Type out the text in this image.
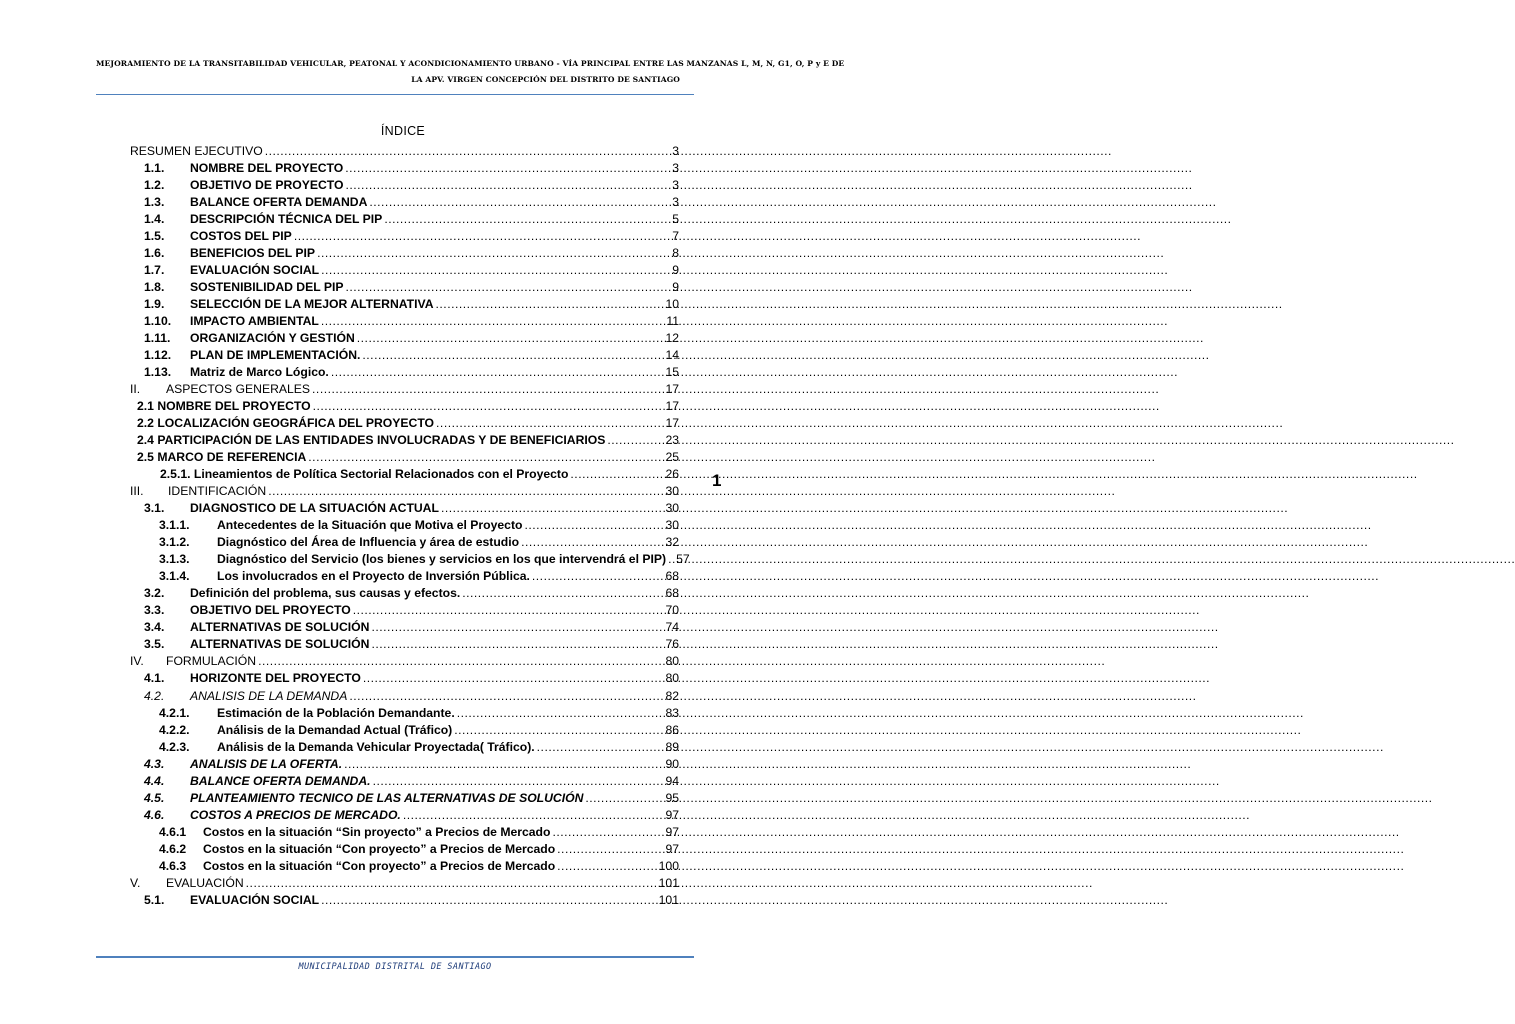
MEJORAMIENTO DE LA TRANSITABILIDAD VEHICULAR, PEATONAL Y ACONDICIONAMIENTO URBANO - VÍA PRINCIPAL ENTRE LAS MANZANAS L, M, N, G1, O, P y E DE
LA APV. VIRGEN CONCEPCIÓN DEL DISTRITO DE SANTIAGO
ÍNDICE
RESUMEN EJECUTIVO .....	3
1.1.	NOMBRE DEL PROYECTO .....	3
1.2.	OBJETIVO DE PROYECTO .....	3
1.3.	BALANCE OFERTA DEMANDA .....	3
1.4.	DESCRIPCIÓN TÉCNICA DEL PIP .....	5
1.5.	COSTOS DEL PIP .....	7
1.6.	BENEFICIOS DEL PIP .....	8
1.7.	EVALUACIÓN SOCIAL .....	9
1.8.	SOSTENIBILIDAD DEL PIP .....	9
1.9.	SELECCIÓN DE LA MEJOR ALTERNATIVA .....	10
1.10.	IMPACTO AMBIENTAL .....	11
1.11.	ORGANIZACIÓN Y GESTIÓN .....	12
1.12.	PLAN DE IMPLEMENTACIÓN. .....	14
1.13.	Matriz de Marco Lógico. .....	15
II.	ASPECTOS GENERALES .....	17
2.1 NOMBRE DEL PROYECTO .....	17
2.2 LOCALIZACIÓN GEOGRÁFICA DEL PROYECTO .....	17
2.4 PARTICIPACIÓN DE LAS ENTIDADES INVOLUCRADAS Y DE BENEFICIARIOS .....	23
2.5 MARCO DE REFERENCIA .....	25
2.5.1. Lineamientos de Política Sectorial Relacionados con el Proyecto .....	26
III.	IDENTIFICACIÓN .....	30
3.1.	DIAGNOSTICO DE LA SITUACIÓN ACTUAL .....	30
3.1.1.	Antecedentes de la Situación que Motiva el Proyecto .....	30
3.1.2.	Diagnóstico del Área de Influencia y área de estudio .....	32
3.1.3.	Diagnóstico del Servicio (los bienes y servicios en los que intervendrá el PIP) ..... 57
3.1.4.	Los involucrados en el Proyecto de Inversión Pública. .....	68
3.2.	Definición del problema, sus causas y efectos. .....	68
3.3.	OBJETIVO DEL PROYECTO .....	70
3.4.	ALTERNATIVAS DE SOLUCIÓN .....	74
3.5.	ALTERNATIVAS DE SOLUCIÓN .....	76
IV.	FORMULACIÓN .....	80
4.1.	HORIZONTE DEL PROYECTO .....	80
4.2.	ANALISIS DE LA DEMANDA .....	82
4.2.1.	Estimación de la Población Demandante. .....	83
4.2.2.	Análisis de la Demandad Actual (Tráfico) .....	86
4.2.3.	Análisis de la Demanda Vehicular Proyectada( Tráfico). .....	89
4.3.	ANALISIS DE LA OFERTA. .....	90
4.4.	BALANCE OFERTA DEMANDA. .....	94
4.5.	PLANTEAMIENTO TECNICO DE LAS ALTERNATIVAS DE SOLUCIÓN .....	95
4.6.	COSTOS A PRECIOS DE MERCADO. .....	97
4.6.1	Costos en la situación “Sin proyecto” a Precios de Mercado .....	97
4.6.2	Costos en la situación “Con proyecto” a Precios de Mercado .....	97
4.6.3	Costos en la situación “Con proyecto” a Precios de Mercado .....	100
V.	EVALUACIÓN .....	101
5.1.	EVALUACIÓN SOCIAL .....	101
1
MUNICIPALIDAD DISTRITAL DE SANTIAGO
